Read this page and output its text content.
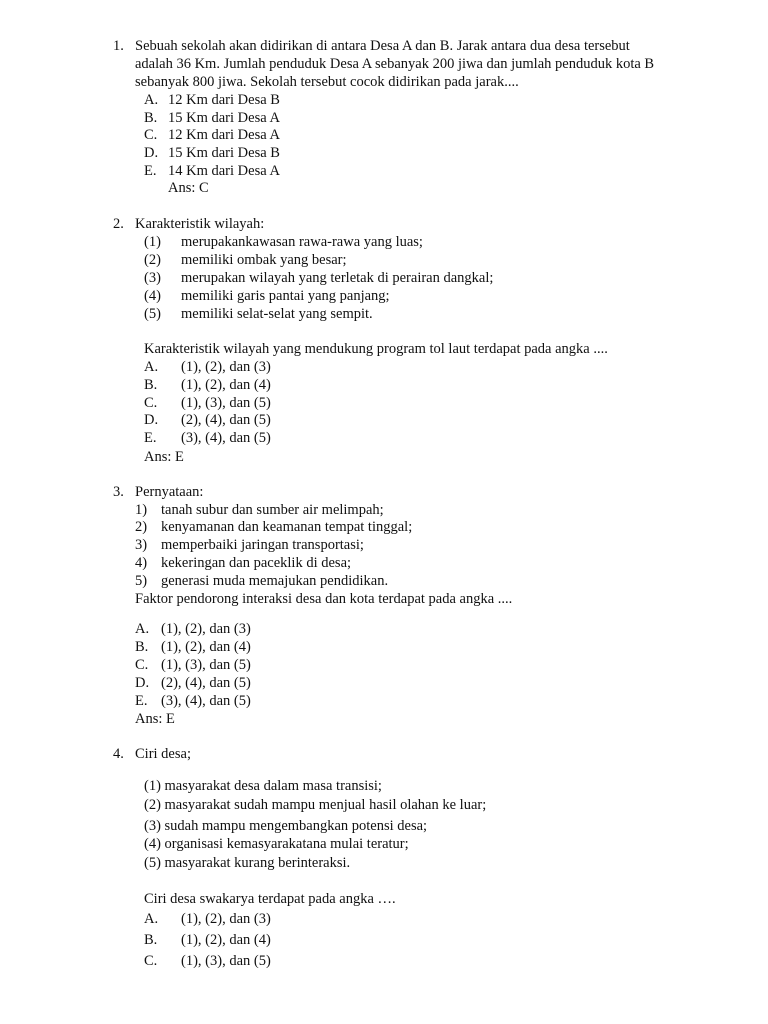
1. Sebuah sekolah akan didirikan di antara Desa A dan B. Jarak antara dua desa tersebut
adalah 36 Km. Jumlah penduduk Desa A sebanyak 200 jiwa dan jumlah penduduk kota B
sebanyak 800 jiwa. Sekolah tersebut cocok didirikan pada jarak....
A. 12 Km dari Desa B
B. 15 Km dari Desa A
C. 12 Km dari Desa A
D. 15 Km dari Desa B
E. 14 Km dari Desa A
Ans: C
2. Karakteristik wilayah:
(1) merupakankawasan rawa-rawa yang luas;
(2) memiliki ombak yang besar;
(3) merupakan wilayah yang terletak di perairan dangkal;
(4) memiliki garis pantai yang panjang;
(5) memiliki selat-selat yang sempit.
Karakteristik wilayah yang mendukung program tol laut terdapat pada angka ....
A. (1), (2), dan (3)
B. (1), (2), dan (4)
C. (1), (3), dan (5)
D. (2), (4), dan (5)
E. (3), (4), dan (5)
Ans: E
3. Pernyataan:
1) tanah subur dan sumber air melimpah;
2) kenyamanan dan keamanan tempat tinggal;
3) memperbaiki jaringan transportasi;
4) kekeringan dan paceklik di desa;
5) generasi muda memajukan pendidikan.
Faktor pendorong interaksi desa dan kota terdapat pada angka ....
A. (1), (2), dan (3)
B. (1), (2), dan (4)
C. (1), (3), dan (5)
D. (2), (4), dan (5)
E. (3), (4), dan (5)
Ans: E
4. Ciri desa;
(1) masyarakat desa dalam masa transisi;
(2) masyarakat sudah mampu menjual hasil olahan ke luar;
(3) sudah mampu mengembangkan potensi desa;
(4) organisasi kemasyarakatana mulai teratur;
(5) masyarakat kurang berinteraksi.
Ciri desa swakarya terdapat pada angka ….
A. (1), (2), dan (3)
B. (1), (2), dan (4)
C. (1), (3), dan (5)
